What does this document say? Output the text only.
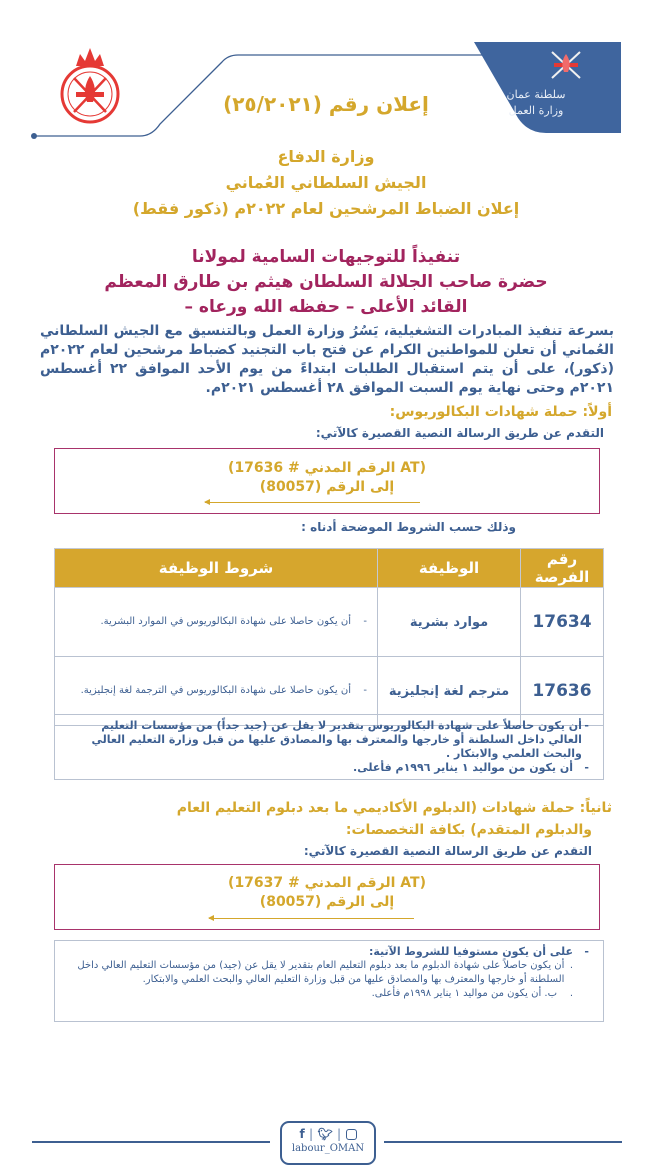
سلطنة عمان
وزارة العمل
إعلان رقم (٢٥/٢٠٢١)
وزارة الدفاع
الجيش السلطاني العُماني
إعلان الضباط المرشحين لعام ٢٠٢٢م (ذكور فقط)
تنفيذاً للتوجيهات السامية لمولانا
حضرة صاحب الجلالة السلطان هيثم بن طارق المعظم
القائد الأعلى – حفظه الله ورعاه –
بسرعة تنفيذ المبادرات التشغيلية، يَسُرُ وزارة العمل وبالتنسيق مع الجيش السلطاني العُماني أن تعلن للمواطنين الكرام عن فتح باب التجنيد كضباط مرشحين لعام ٢٠٢٢م (ذكور)، على أن يتم استقبال الطلبات ابتداءً من يوم الأحد الموافق ٢٢ أغسطس ٢٠٢١م وحتى نهاية يوم السبت الموافق ٢٨ أغسطس ٢٠٢١م.
أولاً: حملة شهادات البكالوريوس:
التقدم عن طريق الرسالة النصية القصيرة كالآتي:
(AT الرقم المدني # 17636)
إلى الرقم (80057)
وذلك حسب الشروط الموضحة أدناه :
رقم الفرصة	الوظيفة	شروط الوظيفة
17634	موارد بشرية	-
أن يكون حاصلا على شهادة البكالوريوس في الموارد البشرية.

17636	مترجم لغة إنجليزية	-
أن يكون حاصلا على شهادة البكالوريوس في الترجمة لغة إنجليزية.
-
أن يكون حاصلاً على شهادة البكالوريوس بتقدير لا يقل عن (جيد جداً) من مؤسسات التعليم العالي داخل السلطنة أو خارجها والمعترف بها والمصادق عليها من قبل وزارة التعليم العالي والبحث العلمي والابتكار .
-
أن يكون من مواليد ١ يناير ١٩٩٦م فأعلى.
ثانياً: حملة شهادات (الدبلوم الأكاديمي ما بعد دبلوم التعليم العام
والدبلوم المتقدم) بكافة التخصصات:
التقدم عن طريق الرسالة النصية القصيرة كالآتي:
(AT الرقم المدني # 17637)
إلى الرقم (80057)
-
على أن يكون مستوفيا للشروط الآتية:
.
أن يكون حاصلاً على شهادة الدبلوم ما بعد دبلوم التعليم العام بتقدير لا يقل عن (جيد) من مؤسسات التعليم العالي داخل السلطنة أو خارجها والمعترف بها والمصادق عليها من قبل وزارة التعليم العالي والبحث العلمي والابتكار.
.
ب. أن يكون من مواليد ١ يناير ١٩٩٨م فأعلى.
f | 🐦︎ |
labour_OMAN
